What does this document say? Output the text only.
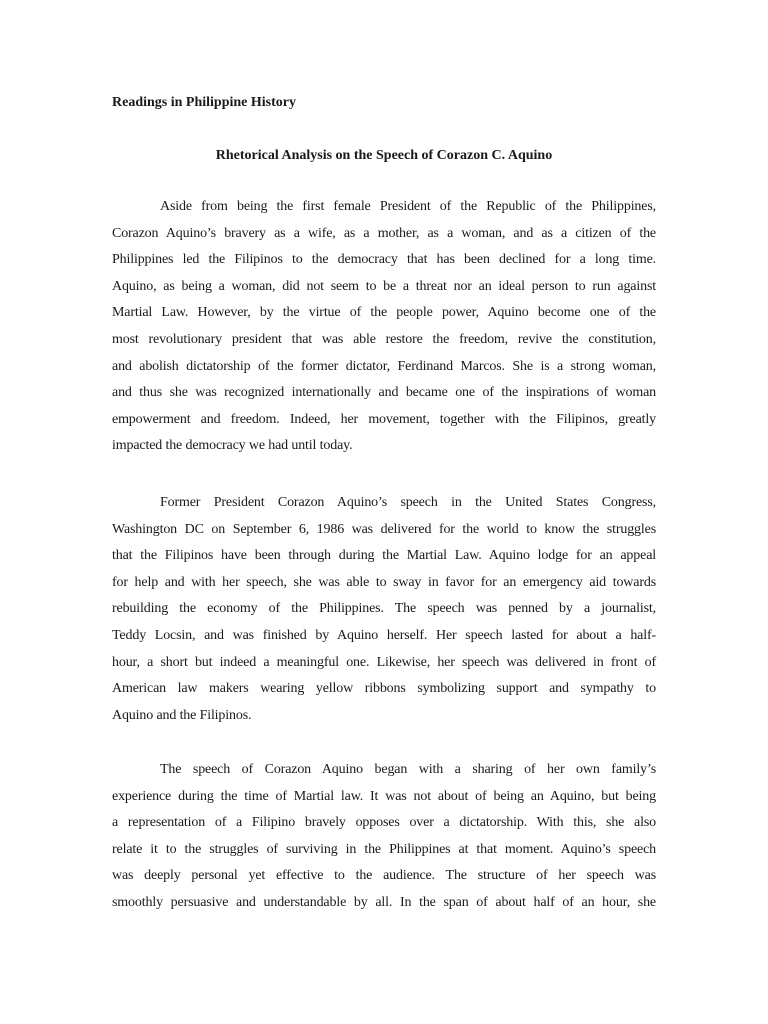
Readings in Philippine History
Rhetorical Analysis on the Speech of Corazon C. Aquino
Aside from being the first female President of the Republic of the Philippines,
Corazon Aquino’s bravery as a wife, as a mother, as a woman, and as a citizen of the
Philippines led the Filipinos to the democracy that has been declined for a long time.
Aquino, as being a woman, did not seem to be a threat nor an ideal person to run against
Martial Law. However, by the virtue of the people power, Aquino become one of the
most revolutionary president that was able restore the freedom, revive the constitution,
and abolish dictatorship of the former dictator, Ferdinand Marcos. She is a strong woman,
and thus she was recognized internationally and became one of the inspirations of woman
empowerment and freedom. Indeed, her movement, together with the Filipinos, greatly
impacted the democracy we had until today.
Former President Corazon Aquino’s speech in the United States Congress,
Washington DC on September 6, 1986 was delivered for the world to know the struggles
that the Filipinos have been through during the Martial Law. Aquino lodge for an appeal
for help and with her speech, she was able to sway in favor for an emergency aid towards
rebuilding the economy of the Philippines. The speech was penned by a journalist,
Teddy Locsin, and was finished by Aquino herself. Her speech lasted for about a half-
hour, a short but indeed a meaningful one. Likewise, her speech was delivered in front of
American law makers wearing yellow ribbons symbolizing support and sympathy to
Aquino and the Filipinos.
The speech of Corazon Aquino began with a sharing of her own family’s
experience during the time of Martial law. It was not about of being an Aquino, but being
a representation of a Filipino bravely opposes over a dictatorship. With this, she also
relate it to the struggles of surviving in the Philippines at that moment. Aquino’s speech
was deeply personal yet effective to the audience. The structure of her speech was
smoothly persuasive and understandable by all. In the span of about half of an hour, she
